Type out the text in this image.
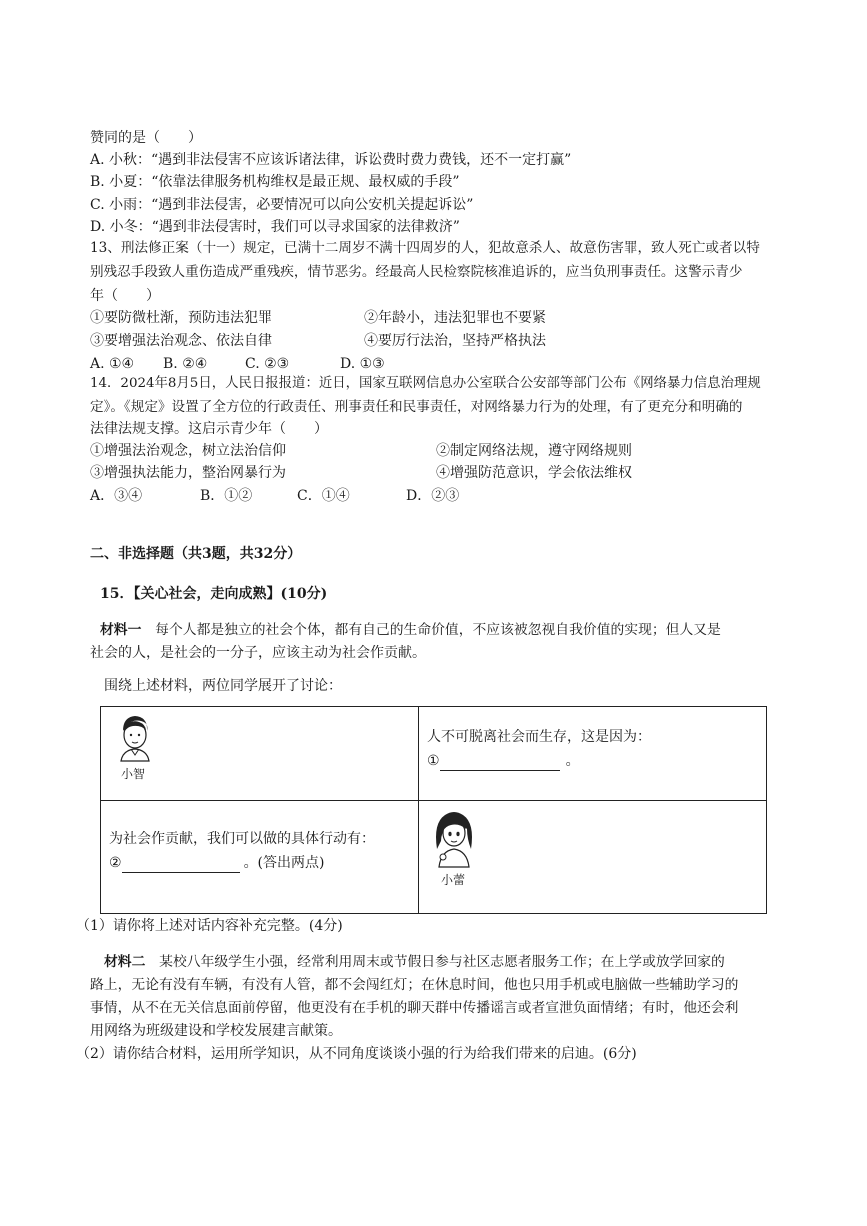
赞同的是（　　）
A. 小秋：“遇到非法侵害不应该诉诸法律，诉讼费时费力费钱，还不一定打赢”
B. 小夏：“依靠法律服务机构维权是最正规、最权威的手段”
C. 小雨：“遇到非法侵害，必要情况可以向公安机关提起诉讼”
D. 小冬：“遇到非法侵害时，我们可以寻求国家的法律救济”
13、刑法修正案（十一）规定，已满十二周岁不满十四周岁的人，犯故意杀人、故意伤害罪，致人死亡或者以特
别残忍手段致人重伤造成严重残疾，情节恶劣。经最高人民检察院核准追诉的，应当负刑事责任。这警示青少
年（　　）
①要防微杜渐，预防违法犯罪	②年龄小，违法犯罪也不要紧
③要增强法治观念、依法自律	④要厉行法治，坚持严格执法
A. ①④ B. ②④	C. ②③	D. ①③
14．2024年8月5日，人民日报报道：近日，国家互联网信息办公室联合公安部等部门公布《网络暴力信息治理规
定》。《规定》设置了全方位的行政责任、刑事责任和民事责任，对网络暴力行为的处理，有了更充分和明确的
法律法规支撑。这启示青少年（　　）
①增强法治观念，树立法治信仰	②制定网络法规，遵守网络规则
③增强执法能力，整治网暴行为	④增强防范意识，学会依法维权
A．③④	B．①②	C．①④	D．②③
二、非选择题（共3题，共32分）
15．【关心社会，走向成熟】(10分)
材料一　每个人都是独立的社会个体，都有自己的生命价值，不应该被忽视自我价值的实现；但人又是
社会的人，是社会的一分子，应该主动为社会作贡献。
围绕上述材料，两位同学展开了讨论：
小智	人不可脱离社会而生存，这是因为：
① 。

为社会作贡献，我们可以做的具体行动有：
② 。(答出两点)	小蕾
（1）请你将上述对话内容补充完整。(4分)
材料二　某校八年级学生小强，经常利用周末或节假日参与社区志愿者服务工作；在上学或放学回家的
路上，无论有没有车辆，有没有人管，都不会闯红灯；在休息时间，他也只用手机或电脑做一些辅助学习的
事情，从不在无关信息面前停留，他更没有在手机的聊天群中传播谣言或者宣泄负面情绪；有时，他还会利
用网络为班级建设和学校发展建言献策。
（2）请你结合材料，运用所学知识，从不同角度谈谈小强的行为给我们带来的启迪。(6分)
